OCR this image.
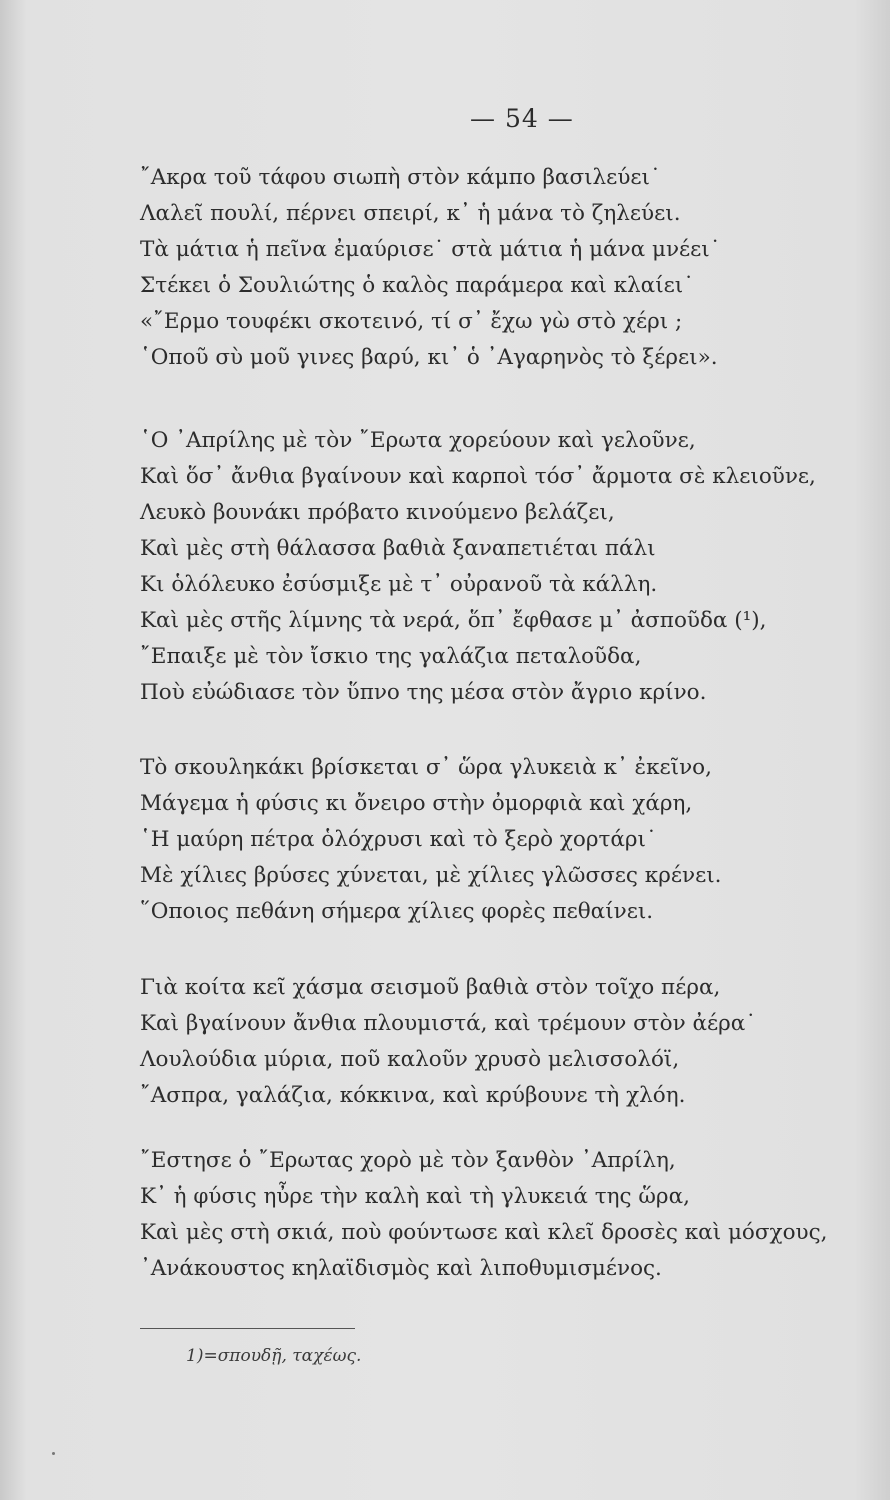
— 54 —
῎Ακρα τοῦ τάφου σιωπὴ στὸν κάμπο βασιλεύει˙
Λαλεῖ πουλί, πέρνει σπειρί, κ᾽ ἡ μάνα τὸ ζηλεύει.
Τὰ μάτια ἡ πεῖνα ἐμαύρισε˙ στὰ μάτια ἡ μάνα μνέει˙
Στέκει ὁ Σουλιώτης ὁ καλὸς παράμερα καὶ κλαίει˙
«῎Ερμο τουφέκι σκοτεινό, τί σ᾽ ἔχω γὼ στὸ χέρι ;
῾Οποῦ σὺ μοῦ γινες βαρύ, κι᾽ ὁ ᾽Αγαρηνὸς τὸ ξέρει».
῾Ο ᾽Απρίλης μὲ τὸν ῎Ερωτα χορεύουν καὶ γελοῦνε,
Καὶ ὅσ᾽ ἄνθια βγαίνουν καὶ καρποὶ τόσ᾽ ἄρμοτα σὲ κλειοῦνε,
Λευκὸ βουνάκι πρόβατο κινούμενο βελάζει,
Καὶ μὲς στὴ θάλασσα βαθιὰ ξαναπετιέται πάλι
Κι ὁλόλευκο ἐσύσμιξε μὲ τ᾽ οὐρανοῦ τὰ κάλλη.
Καὶ μὲς στῆς λίμνης τὰ νερά, ὅπ᾽ ἔφθασε μ᾽ ἀσποῦδα (¹),
῎Επαιξε μὲ τὸν ἴσκιο της γαλάζια πεταλοῦδα,
Ποὺ εὐώδιασε τὸν ὕπνο της μέσα στὸν ἄγριο κρίνο.
Τὸ σκουληκάκι βρίσκεται σ᾽ ὥρα γλυκειὰ κ᾽ ἐκεῖνο,
Μάγεμα ἡ φύσις κι ὄνειρο στὴν ὀμορφιὰ καὶ χάρη,
῾Η μαύρη πέτρα ὁλόχρυσι καὶ τὸ ξερὸ χορτάρι˙
Μὲ χίλιες βρύσες χύνεται, μὲ χίλιες γλῶσσες κρένει.
῞Οποιος πεθάνη σήμερα χίλιες φορὲς πεθαίνει.
Γιὰ κοίτα κεῖ χάσμα σεισμοῦ βαθιὰ στὸν τοῖχο πέρα,
Καὶ βγαίνουν ἄνθια πλουμιστά, καὶ τρέμουν στὸν ἀέρα˙
Λουλούδια μύρια, ποῦ καλοῦν χρυσὸ μελισσολόϊ,
῎Ασπρα, γαλάζια, κόκκινα, καὶ κρύβουνε τὴ χλόη.
῎Εστησε ὁ ῎Ερωτας χορὸ μὲ τὸν ξανθὸν ᾽Απρίλη,
Κ᾽ ἡ φύσις ηὖρε τὴν καλὴ καὶ τὴ γλυκειά της ὥρα,
Καὶ μὲς στὴ σκιά, ποὺ φούντωσε καὶ κλεῖ δροσὲς καὶ μόσχους,
᾽Ανάκουστος κηλαϊδισμὸς καὶ λιποθυμισμένος.
1)=σπουδῇ, ταχέως.
